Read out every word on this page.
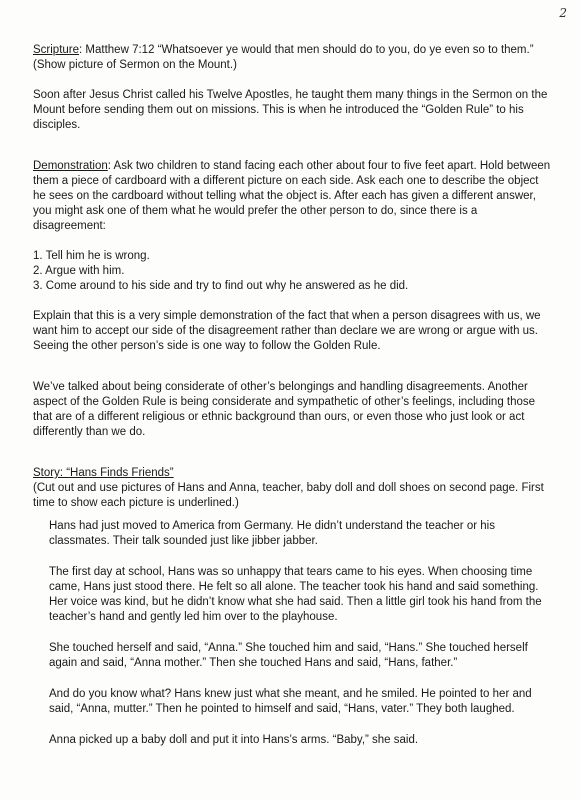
2

Scripture: Matthew 7:12 “Whatsoever ye would that men should do to you, do ye even so to them.” (Show picture of Sermon on the Mount.)

Soon after Jesus Christ called his Twelve Apostles, he taught them many things in the Sermon on the Mount before sending them out on missions. This is when he introduced the “Golden Rule” to his disciples.

Demonstration: Ask two children to stand facing each other about four to five feet apart. Hold between them a piece of cardboard with a different picture on each side. Ask each one to describe the object he sees on the cardboard without telling what the object is. After each has given a different answer, you might ask one of them what he would prefer the other person to do, since there is a disagreement:

1. Tell him he is wrong.
2. Argue with him.
3. Come around to his side and try to find out why he answered as he did.

Explain that this is a very simple demonstration of the fact that when a person disagrees with us, we want him to accept our side of the disagreement rather than declare we are wrong or argue with us. Seeing the other person’s side is one way to follow the Golden Rule.

We’ve talked about being considerate of other’s belongings and handling disagreements. Another aspect of the Golden Rule is being considerate and sympathetic of other’s feelings, including those that are of a different religious or ethnic background than ours, or even those who just look or act differently than we do.

Story: “Hans Finds Friends”

(Cut out and use pictures of Hans and Anna, teacher, baby doll and doll shoes on second page. First time to show each picture is underlined.)

Hans had just moved to America from Germany. He didn’t understand the teacher or his classmates. Their talk sounded just like jibber jabber.

The first day at school, Hans was so unhappy that tears came to his eyes. When choosing time came, Hans just stood there. He felt so all alone. The teacher took his hand and said something. Her voice was kind, but he didn’t know what she had said. Then a little girl took his hand from the teacher’s hand and gently led him over to the playhouse.

She touched herself and said, “Anna.” She touched him and said, “Hans.” She touched herself again and said, “Anna mother.” Then she touched Hans and said, “Hans, father.”

And do you know what? Hans knew just what she meant, and he smiled. He pointed to her and said, “Anna, mutter.” Then he pointed to himself and said, “Hans, vater.” They both laughed.

Anna picked up a baby doll and put it into Hans’s arms. “Baby,” she said.
